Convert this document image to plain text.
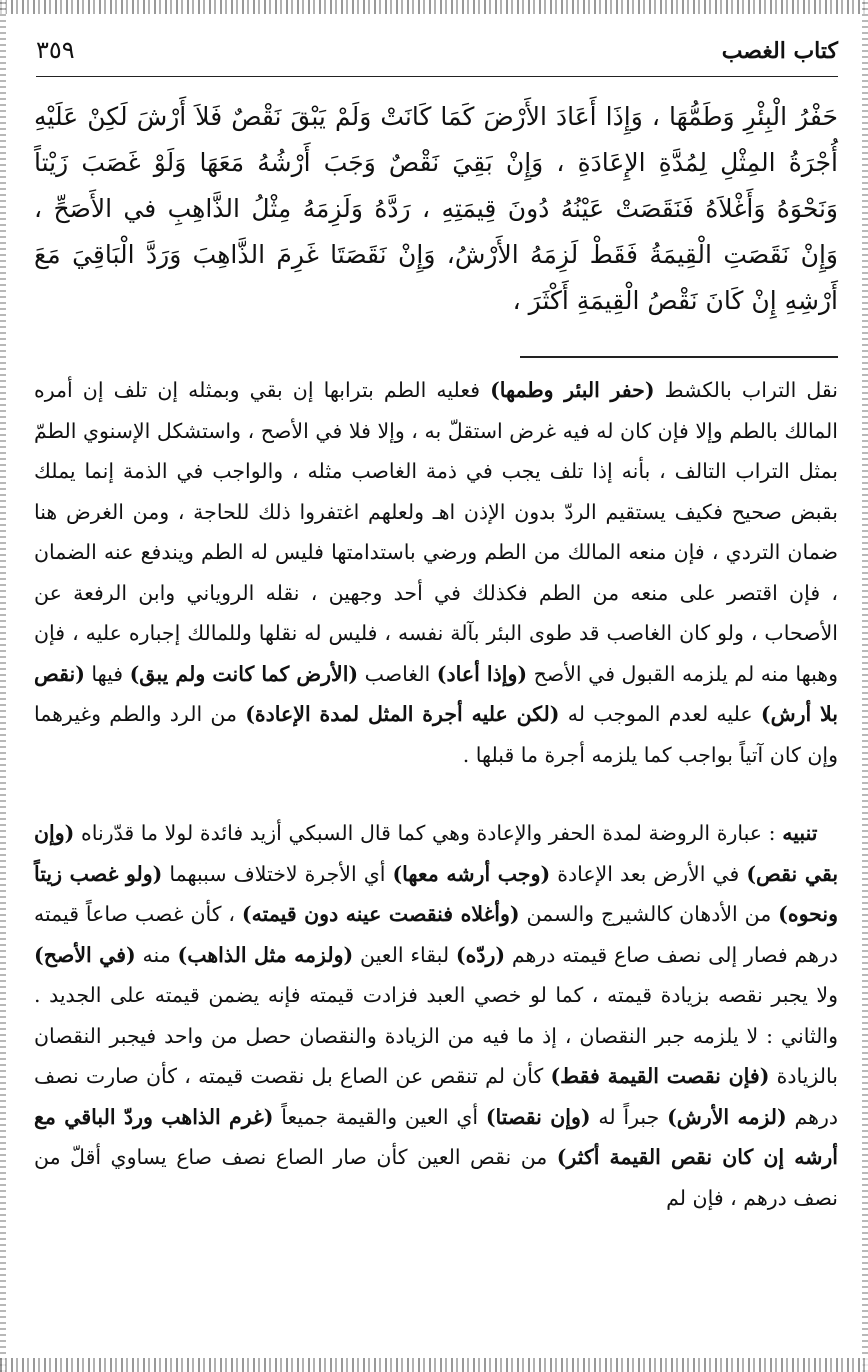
كتاب الغصب
٣٥٩

حَفْرُ الْبِئْرِ وَطَمُّهَا ، وَإِذَا أَعَادَ الأَرْضَ كَمَا كَانَتْ وَلَمْ يَبْقَ نَقْصٌ فَلاَ أَرْشَ لَكِنْ عَلَيْهِ أُجْرَةُ المِثْلِ لِمُدَّةِ الإِعَادَةِ ، وَإِنْ بَقِيَ نَقْصٌ وَجَبَ أَرْشُهُ مَعَهَا وَلَوْ غَصَبَ زَيْتاً وَنَحْوَهُ وَأَغْلاَهُ فَنَقَصَتْ عَيْنُهُ دُونَ قِيمَتِهِ ، رَدَّهُ وَلَزِمَهُ مِثْلُ الذَّاهِبِ في الأَصَحِّ ، وَإِنْ نَقَصَتِ الْقِيمَةُ فَقَطْ لَزِمَهُ الأَرْشُ، وَإِنْ نَقَصَتَا غَرِمَ الذَّاهِبَ وَرَدَّ الْبَاقِيَ مَعَ أَرْشِهِ إِنْ كَانَ نَقْصُ الْقِيمَةِ أَكْثَرَ ،

نقل التراب بالكشط (حفر البئر وطمها) فعليه الطم بترابها إن بقي وبمثله إن تلف إن أمره المالك بالطم وإلا فإن كان له فيه غرض استقلّ به ، وإلا فلا في الأصح ، واستشكل الإسنوي الطمّ بمثل التراب التالف ، بأنه إذا تلف يجب في ذمة الغاصب مثله ، والواجب في الذمة إنما يملك بقبض صحيح فكيف يستقيم الردّ بدون الإذن اهـ ولعلهم اغتفروا ذلك للحاجة ، ومن الغرض هنا ضمان التردي ، فإن منعه المالك من الطم ورضي باستدامتها فليس له الطم ويندفع عنه الضمان ، فإن اقتصر على منعه من الطم فكذلك في أحد وجهين ، نقله الروياني وابن الرفعة عن الأصحاب ، ولو كان الغاصب قد طوى البئر بآلة نفسه ، فليس له نقلها وللمالك إجباره عليه ، فإن وهبها منه لم يلزمه القبول في الأصح (وإذا أعاد) الغاصب (الأرض كما كانت ولم يبق) فيها (نقص بلا أرش) عليه لعدم الموجب له (لكن عليه أجرة المثل لمدة الإعادة) من الرد والطم وغيرهما وإن كان آتياً بواجب كما يلزمه أجرة ما قبلها .

 تنبيه : عبارة الروضة لمدة الحفر والإعادة وهي كما قال السبكي أزيد فائدة لولا ما قدّرناه (وإن بقي نقص) في الأرض بعد الإعادة (وجب أرشه معها) أي الأجرة لاختلاف سببهما (ولو غصب زيتاً ونحوه) من الأدهان كالشيرج والسمن (وأغلاه فنقصت عينه دون قيمته) ، كأن غصب صاعاً قيمته درهم فصار إلى نصف صاع قيمته درهم (ردّه) لبقاء العين (ولزمه مثل الذاهب) منه (في الأصح) ولا يجبر نقصه بزيادة قيمته ، كما لو خصي العبد فزادت قيمته فإنه يضمن قيمته على الجديد . والثاني : لا يلزمه جبر النقصان ، إذ ما فيه من الزيادة والنقصان حصل من واحد فيجبر النقصان بالزيادة (فإن نقصت القيمة فقط) كأن لم تنقص عن الصاع بل نقصت قيمته ، كأن صارت نصف درهم (لزمه الأرش) جبراً له (وإن نقصتا) أي العين والقيمة جميعاً (غرم الذاهب وردّ الباقي مع أرشه إن كان نقص القيمة أكثر) من نقص العين كأن صار الصاع نصف صاع يساوي أقلّ من نصف درهم ، فإن لم
